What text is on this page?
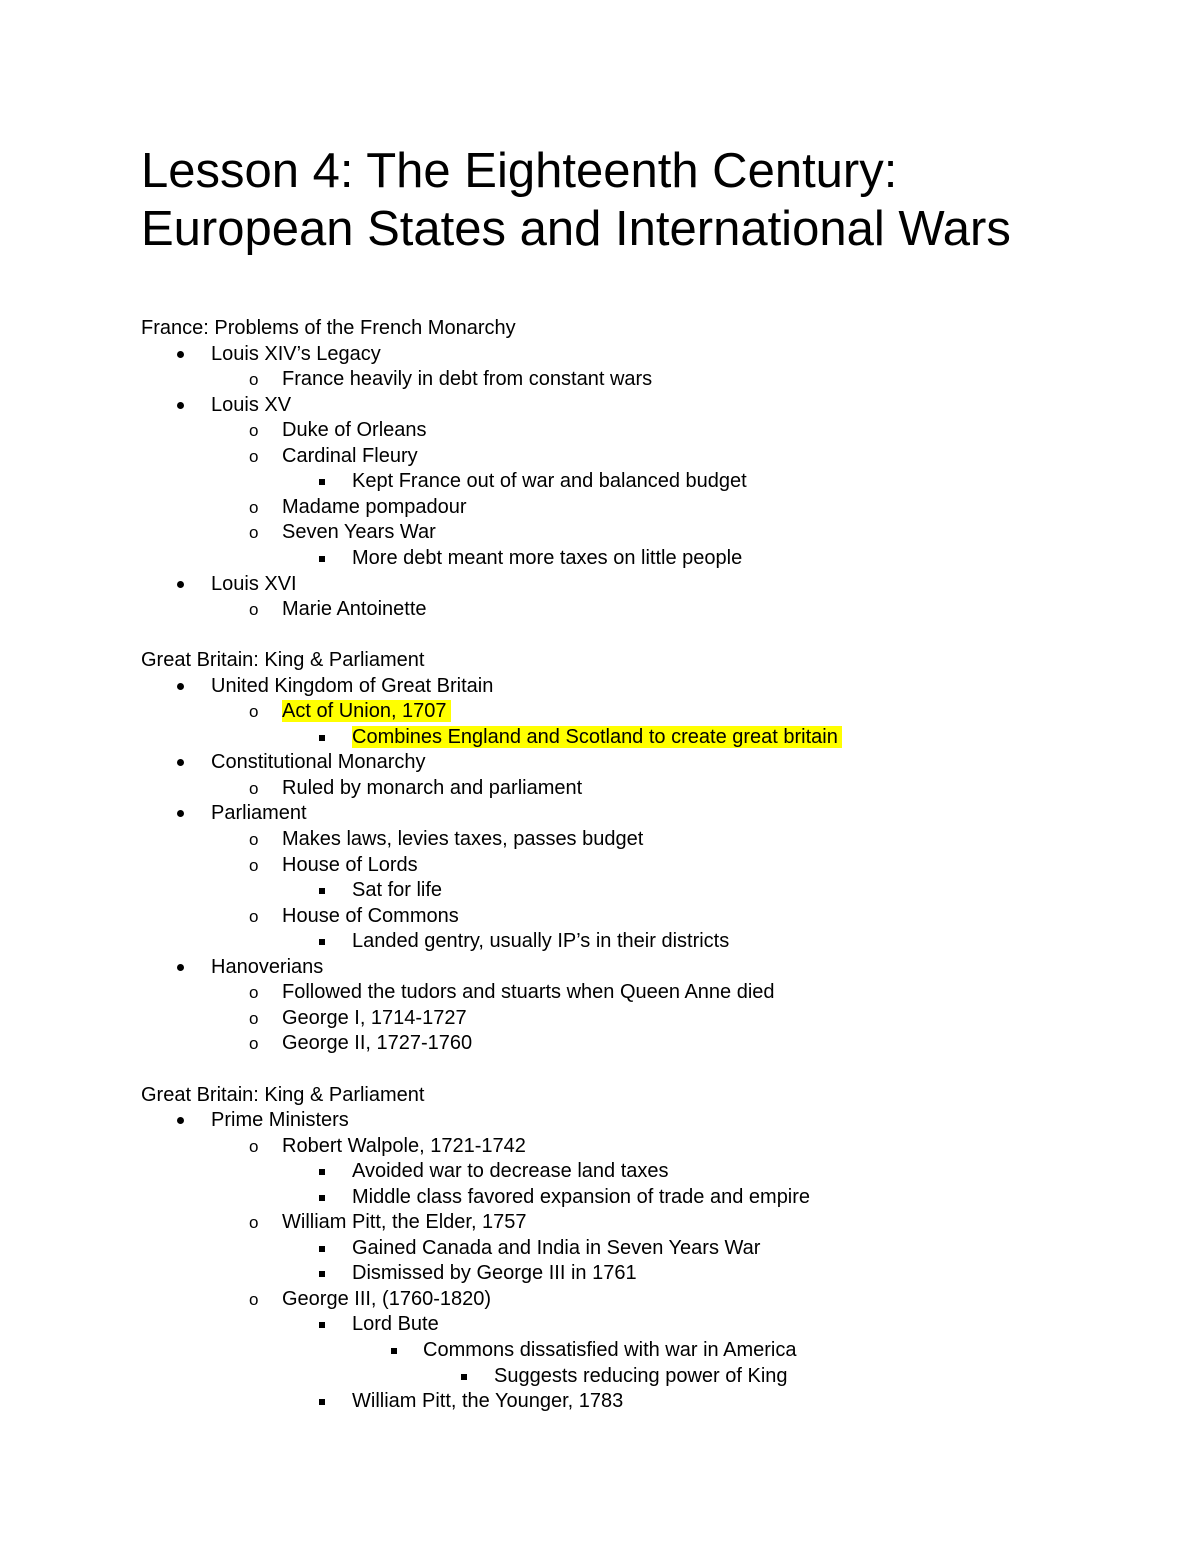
Lesson 4: The Eighteenth Century:
European States and International Wars
France: Problems of the French Monarchy
Louis XIV’s Legacy
o France heavily in debt from constant wars
Louis XV
o Duke of Orleans
o Cardinal Fleury
Kept France out of war and balanced budget
o Madame pompadour
o Seven Years War
More debt meant more taxes on little people
Louis XVI
o Marie Antoinette
Great Britain: King & Parliament
United Kingdom of Great Britain
o Act of Union, 1707
Combines England and Scotland to create great britain
Constitutional Monarchy
o Ruled by monarch and parliament
Parliament
o Makes laws, levies taxes, passes budget
o House of Lords
Sat for life
o House of Commons
Landed gentry, usually IP’s in their districts
Hanoverians
o Followed the tudors and stuarts when Queen Anne died
o George I, 1714-1727
o George II, 1727-1760
Great Britain: King & Parliament
Prime Ministers
o Robert Walpole, 1721-1742
Avoided war to decrease land taxes
Middle class favored expansion of trade and empire
o William Pitt, the Elder, 1757
Gained Canada and India in Seven Years War
Dismissed by George III in 1761
o George III, (1760-1820)
Lord Bute
Commons dissatisfied with war in America
Suggests reducing power of King
William Pitt, the Younger, 1783
